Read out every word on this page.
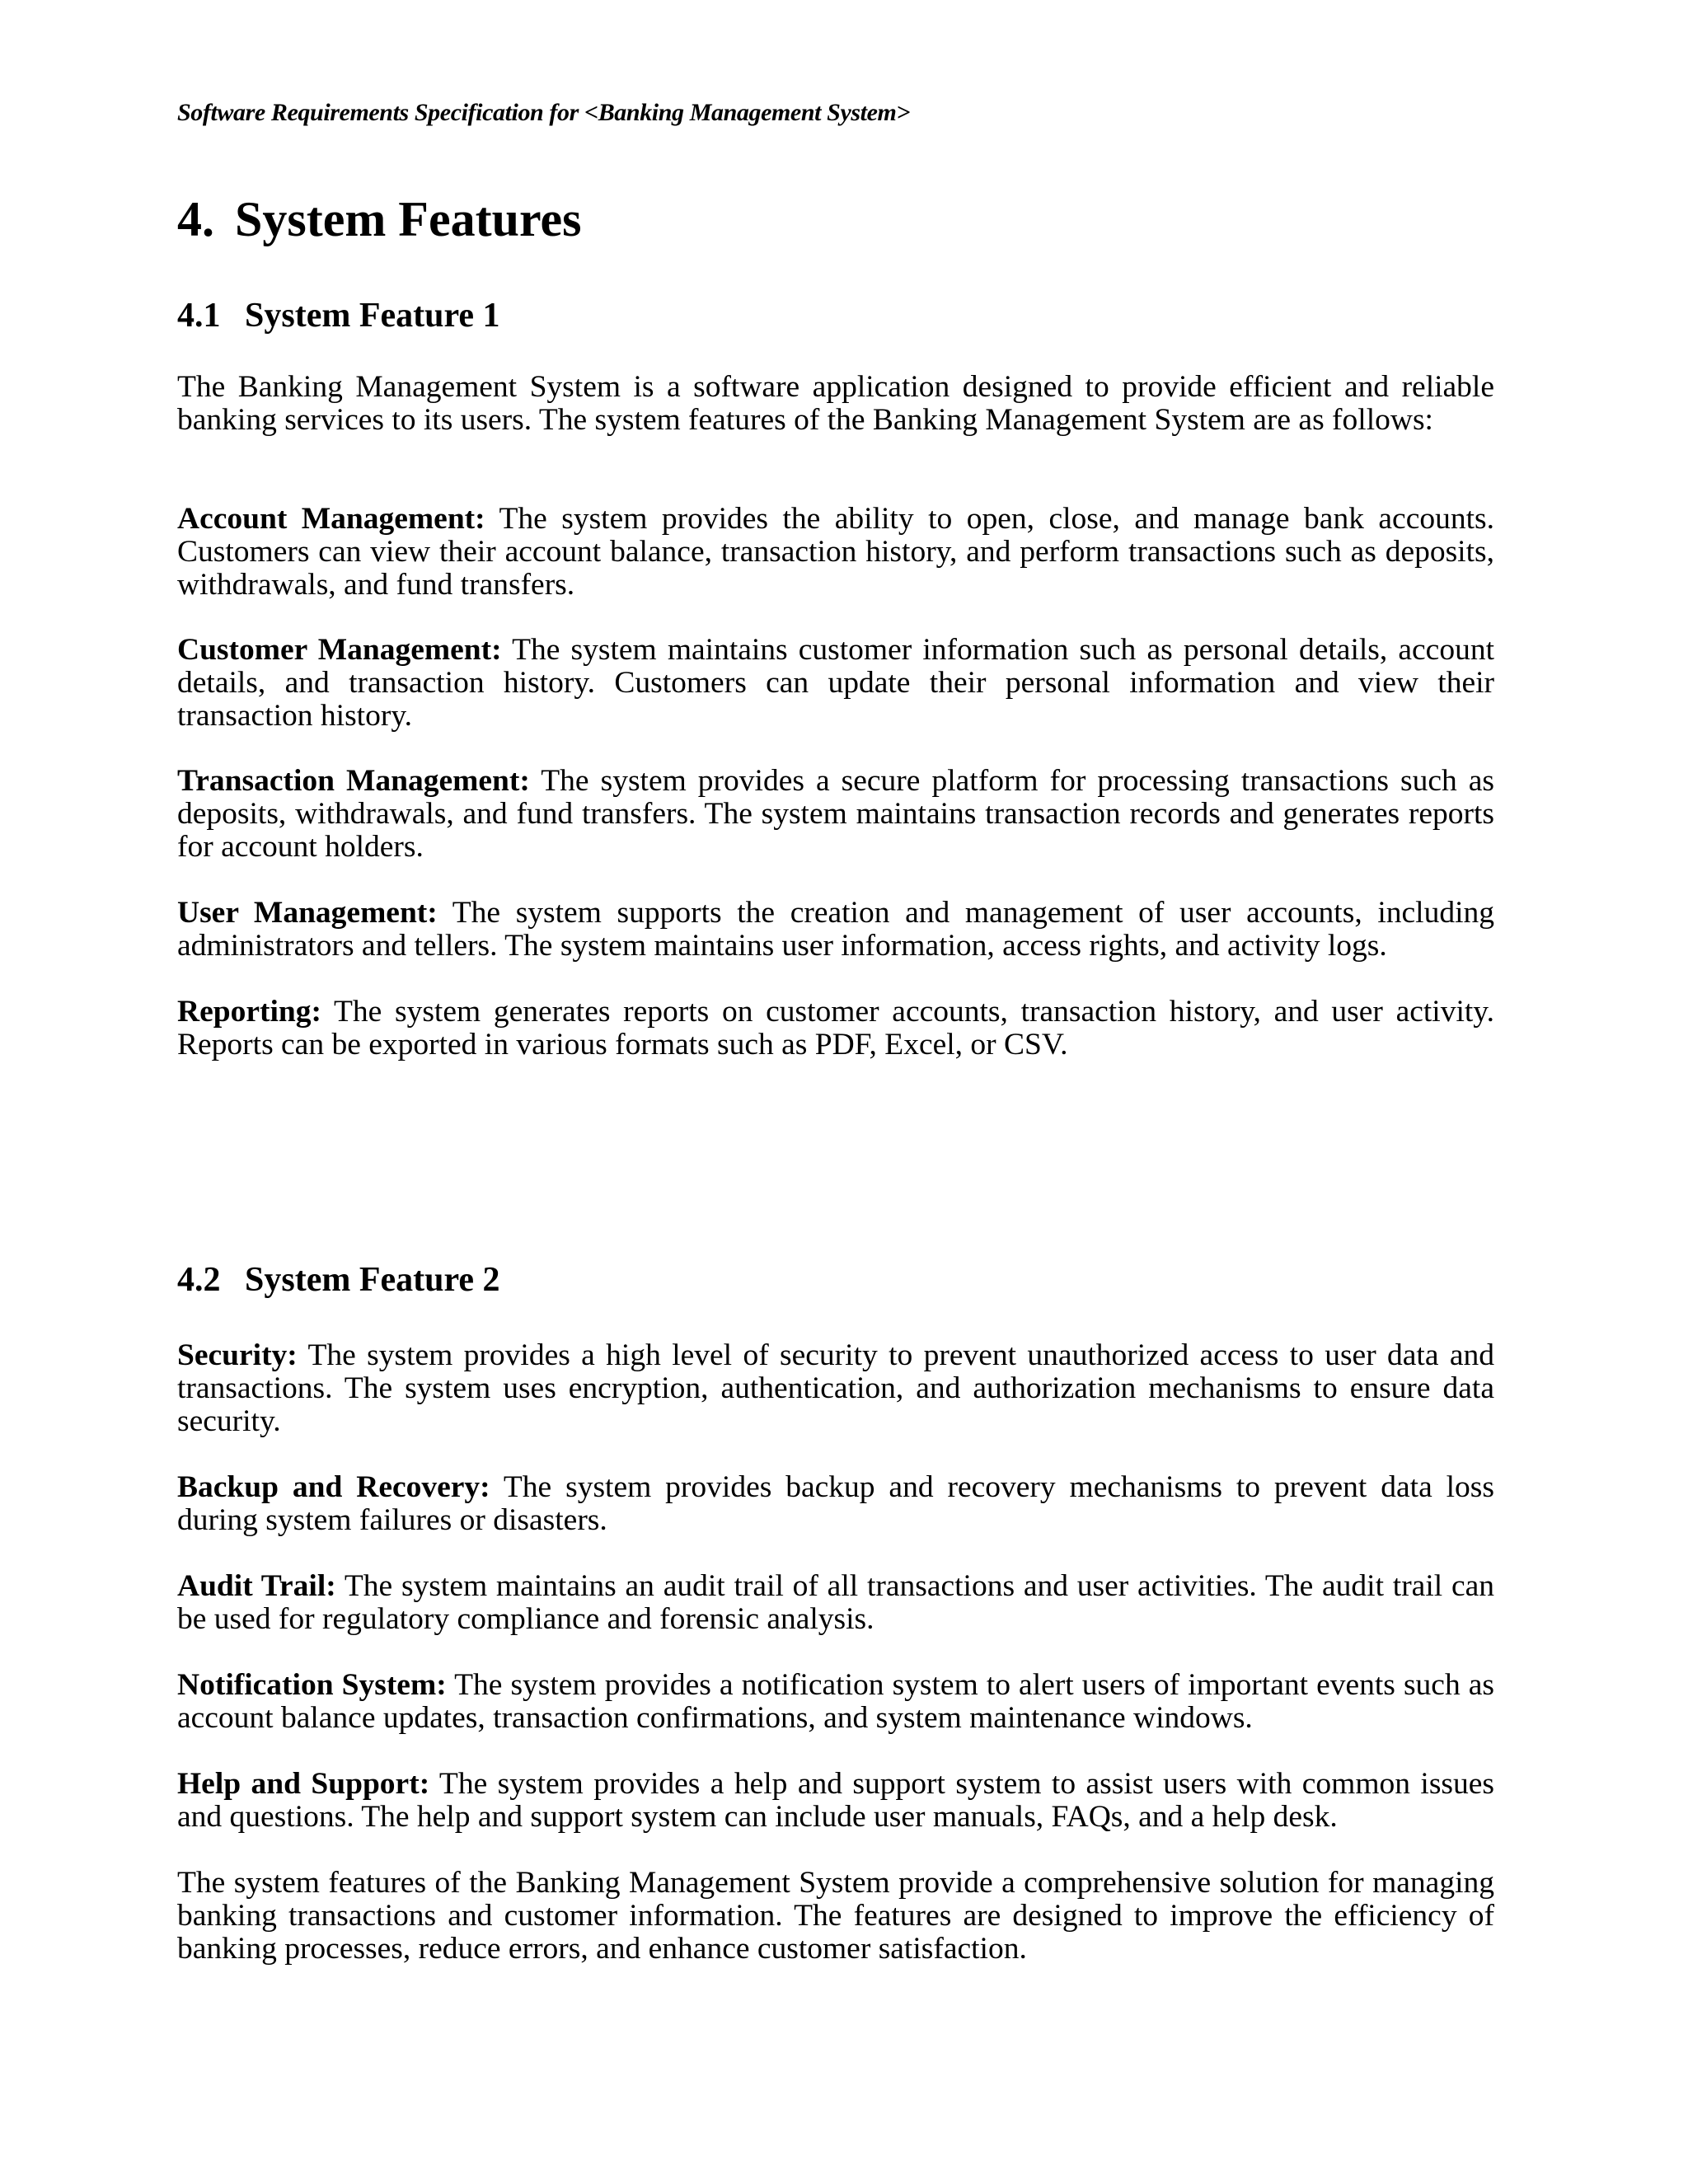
Software Requirements Specification for <Banking Management System>
4. System Features
4.1 System Feature 1

The Banking Management System is a software application designed to provide efficient and reliable banking services to its users. The system features of the Banking Management System are as follows:

Account Management: The system provides the ability to open, close, and manage bank accounts. Customers can view their account balance, transaction history, and perform transactions such as deposits, withdrawals, and fund transfers.

Customer Management: The system maintains customer information such as personal details, account details, and transaction history. Customers can update their personal information and view their transaction history.

Transaction Management: The system provides a secure platform for processing transactions such as deposits, withdrawals, and fund transfers. The system maintains transaction records and generates reports for account holders.

User Management: The system supports the creation and management of user accounts, including administrators and tellers. The system maintains user information, access rights, and activity logs.

Reporting: The system generates reports on customer accounts, transaction history, and user activity. Reports can be exported in various formats such as PDF, Excel, or CSV.

4.2 System Feature 2

Security: The system provides a high level of security to prevent unauthorized access to user data and transactions. The system uses encryption, authentication, and authorization mechanisms to ensure data security.

Backup and Recovery: The system provides backup and recovery mechanisms to prevent data loss during system failures or disasters.

Audit Trail: The system maintains an audit trail of all transactions and user activities. The audit trail can be used for regulatory compliance and forensic analysis.

Notification System: The system provides a notification system to alert users of important events such as account balance updates, transaction confirmations, and system maintenance windows.

Help and Support: The system provides a help and support system to assist users with common issues and questions. The help and support system can include user manuals, FAQs, and a help desk.

The system features of the Banking Management System provide a comprehensive solution for managing banking transactions and customer information. The features are designed to improve the efficiency of banking processes, reduce errors, and enhance customer satisfaction.
